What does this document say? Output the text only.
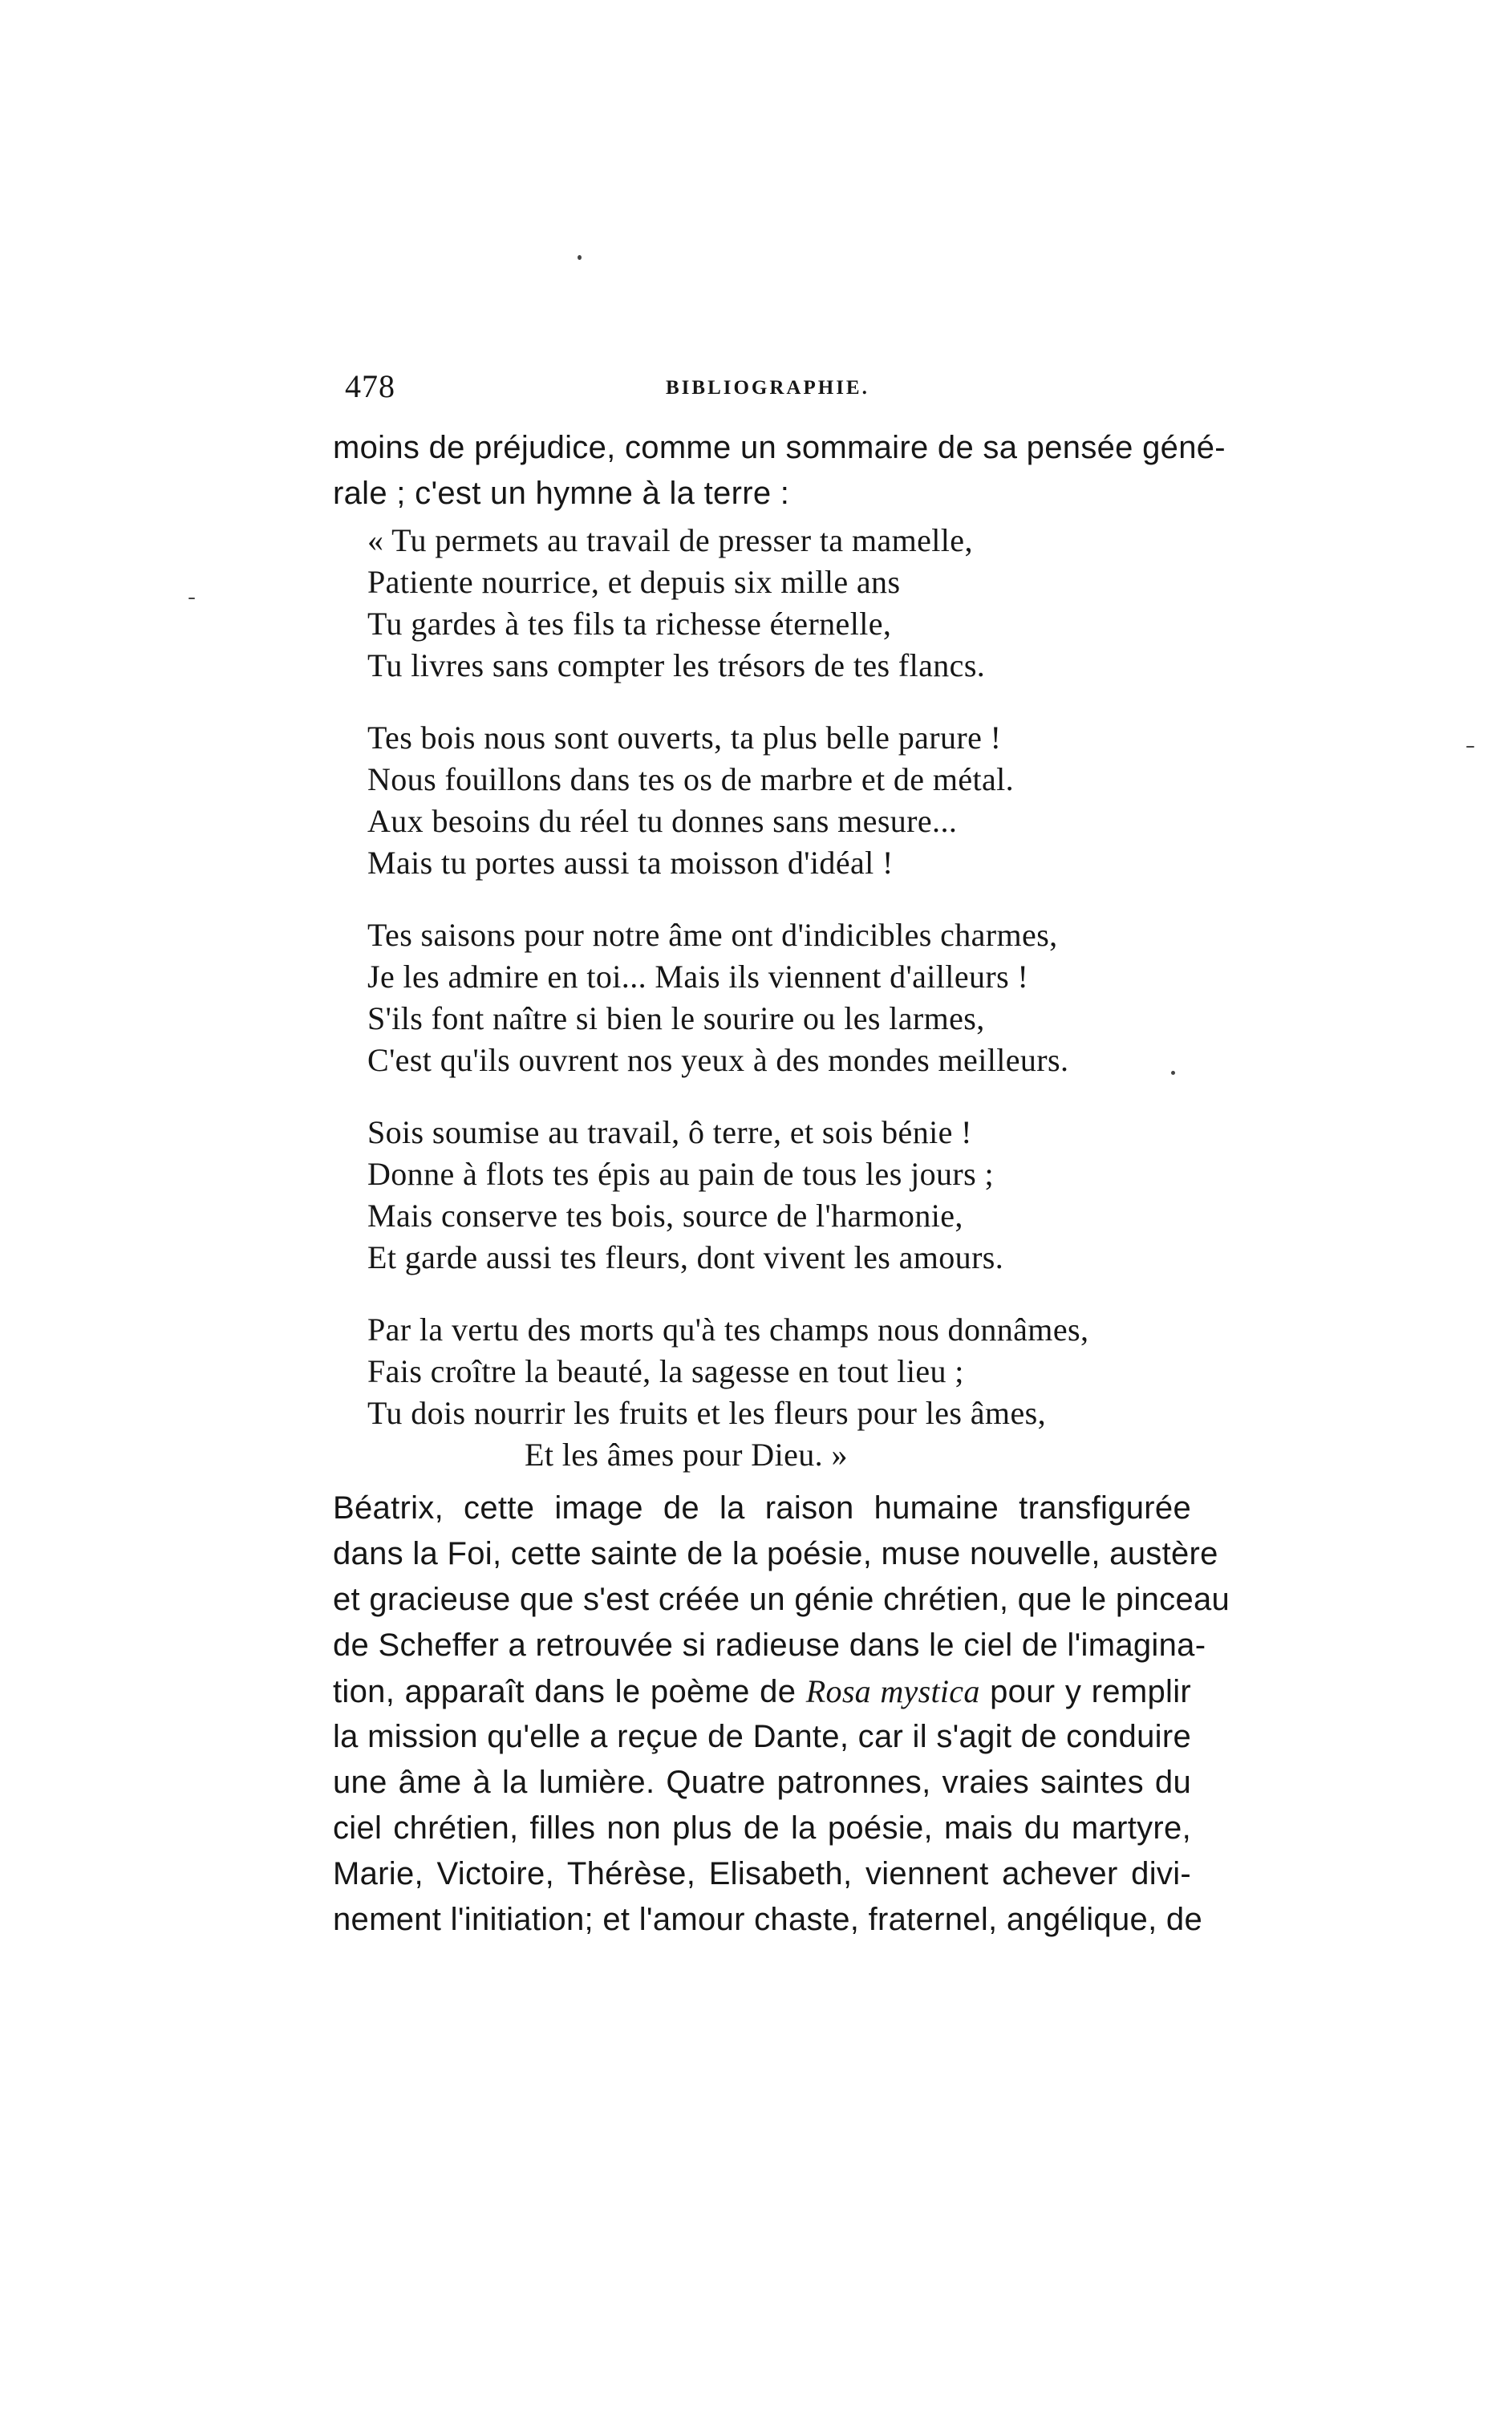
478	BIBLIOGRAPHIE.
moins de préjudice, comme un sommaire de sa pensée géné-
rale ; c'est un hymne à la terre :
« Tu permets au travail de presser ta mamelle,
Patiente nourrice, et depuis six mille ans
Tu gardes à tes fils ta richesse éternelle,
Tu livres sans compter les trésors de tes flancs.
Tes bois nous sont ouverts, ta plus belle parure !
Nous fouillons dans tes os de marbre et de métal.
Aux besoins du réel tu donnes sans mesure...
Mais tu portes aussi ta moisson d'idéal !
Tes saisons pour notre âme ont d'indicibles charmes,
Je les admire en toi... Mais ils viennent d'ailleurs !
S'ils font naître si bien le sourire ou les larmes,
C'est qu'ils ouvrent nos yeux à des mondes meilleurs.
Sois soumise au travail, ô terre, et sois bénie !
Donne à flots tes épis au pain de tous les jours ;
Mais conserve tes bois, source de l'harmonie,
Et garde aussi tes fleurs, dont vivent les amours.
Par la vertu des morts qu'à tes champs nous donnâmes,
Fais croître la beauté, la sagesse en tout lieu ;
Tu dois nourrir les fruits et les fleurs pour les âmes,
Et les âmes pour Dieu. »
Béatrix, cette image de la raison humaine transfigurée
dans la Foi, cette sainte de la poésie, muse nouvelle, austère
et gracieuse que s'est créée un génie chrétien, que le pinceau
de Scheffer a retrouvée si radieuse dans le ciel de l'imagina-
tion, apparaît dans le poème de Rosa mystica pour y remplir
la mission qu'elle a reçue de Dante, car il s'agit de conduire
une âme à la lumière. Quatre patronnes, vraies saintes du
ciel chrétien, filles non plus de la poésie, mais du martyre,
Marie, Victoire, Thérèse, Elisabeth, viennent achever divi-
nement l'initiation; et l'amour chaste, fraternel, angélique, de
